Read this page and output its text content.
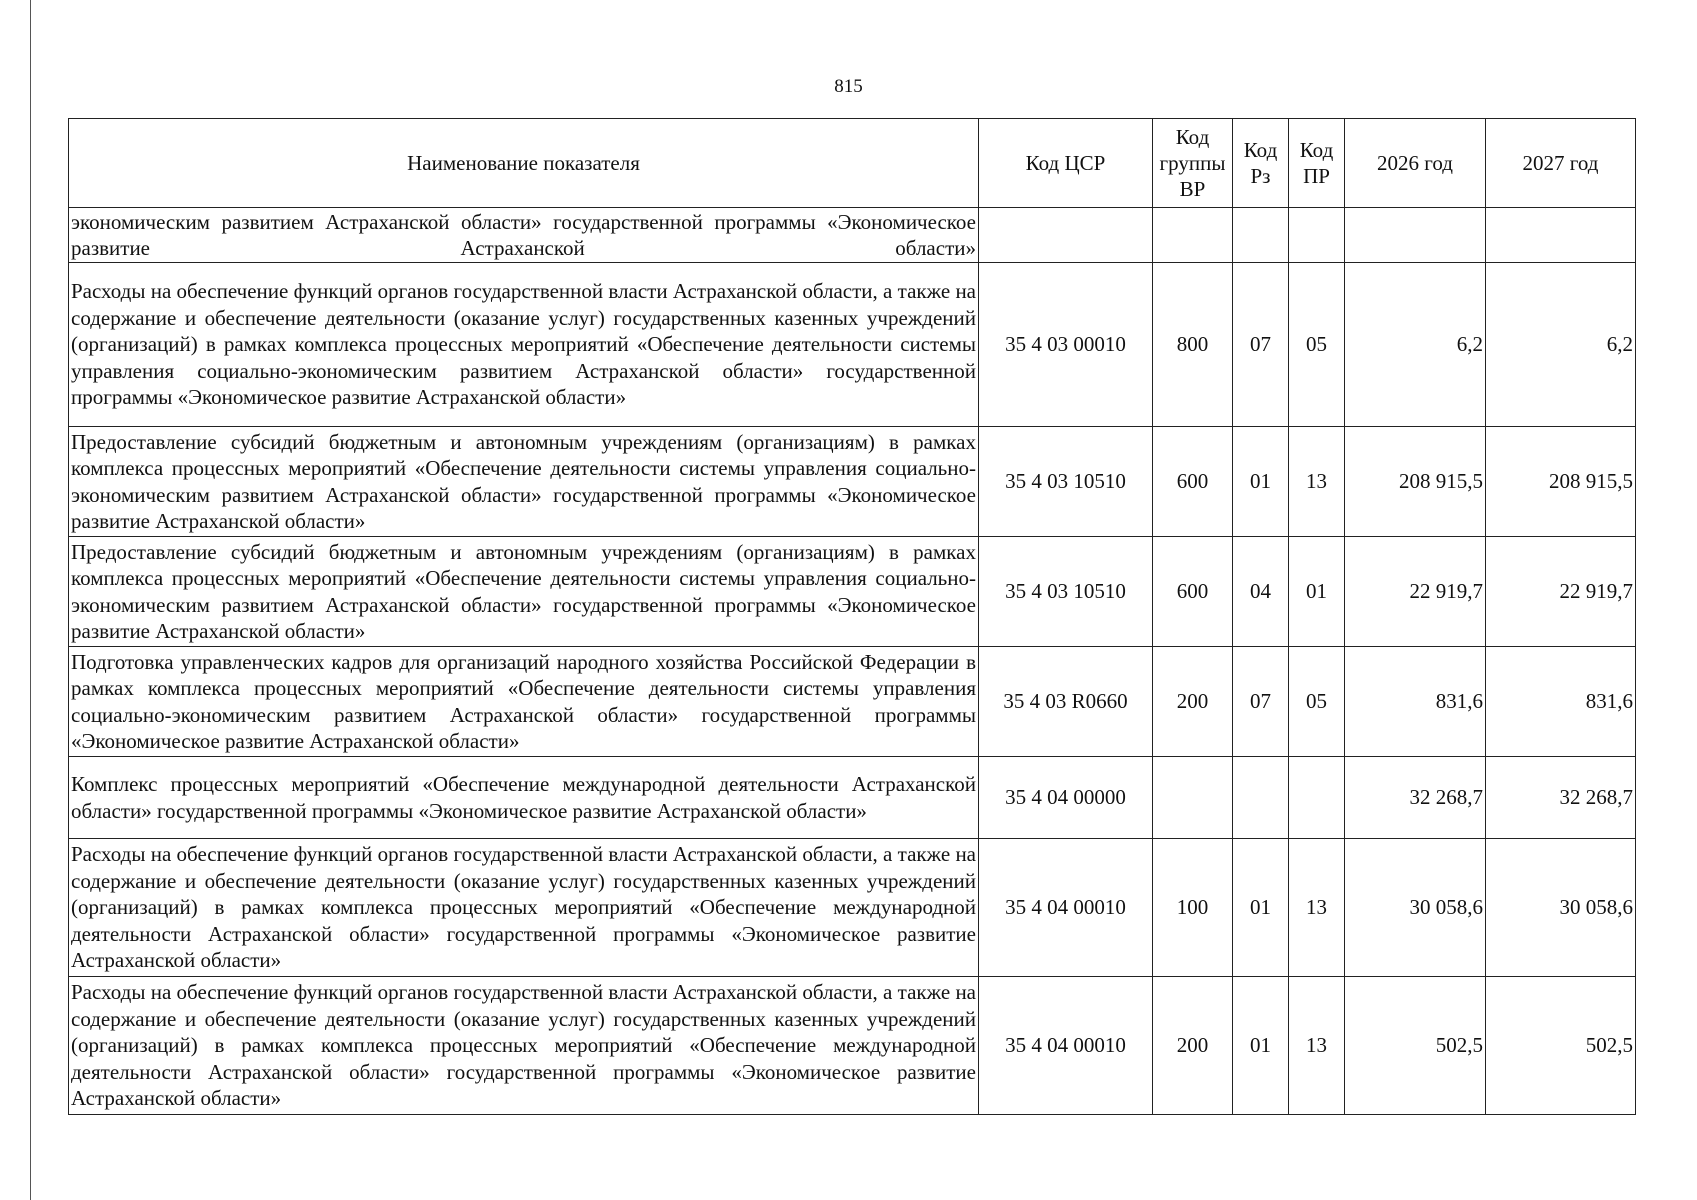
815
Наименование показателя	Код ЦСР	Код группы ВР	Код Рз	Код ПР	2026 год	2027 год
экономическим развитием Астраханской области» государственной программы «Экономическое развитие Астраханской области»						
Расходы на обеспечение функций органов государственной власти Астраханской области, а также на содержание и обеспечение деятельности (оказание услуг) государственных казенных учреждений (организаций) в рамках комплекса процессных мероприятий «Обеспечение деятельности системы управления социально-экономическим развитием Астраханской области» государственной программы «Экономическое развитие Астраханской области»	35 4 03 00010	800	07	05	6,2	6,2
Предоставление субсидий бюджетным и автономным учреждениям (организациям) в рамках комплекса процессных мероприятий «Обеспечение деятельности системы управления социально-экономическим развитием Астраханской области» государственной программы «Экономическое развитие Астраханской области»	35 4 03 10510	600	01	13	208 915,5	208 915,5
Предоставление субсидий бюджетным и автономным учреждениям (организациям) в рамках комплекса процессных мероприятий «Обеспечение деятельности системы управления социально-экономическим развитием Астраханской области» государственной программы «Экономическое развитие Астраханской области»	35 4 03 10510	600	04	01	22 919,7	22 919,7
Подготовка управленческих кадров для организаций народного хозяйства Российской Федерации в рамках комплекса процессных мероприятий «Обеспечение деятельности системы управления социально-экономическим развитием Астраханской области» государственной программы «Экономическое развитие Астраханской области»	35 4 03 R0660	200	07	05	831,6	831,6
Комплекс процессных мероприятий «Обеспечение международной деятельности Астраханской области» государственной программы «Экономическое развитие Астраханской области»	35 4 04 00000				32 268,7	32 268,7
Расходы на обеспечение функций органов государственной власти Астраханской области, а также на содержание и обеспечение деятельности (оказание услуг) государственных казенных учреждений (организаций) в рамках комплекса процессных мероприятий «Обеспечение международной деятельности Астраханской области» государственной программы «Экономическое развитие Астраханской области»	35 4 04 00010	100	01	13	30 058,6	30 058,6
Расходы на обеспечение функций органов государственной власти Астраханской области, а также на содержание и обеспечение деятельности (оказание услуг) государственных казенных учреждений (организаций) в рамках комплекса процессных мероприятий «Обеспечение международной деятельности Астраханской области» государственной программы «Экономическое развитие Астраханской области»	35 4 04 00010	200	01	13	502,5	502,5
